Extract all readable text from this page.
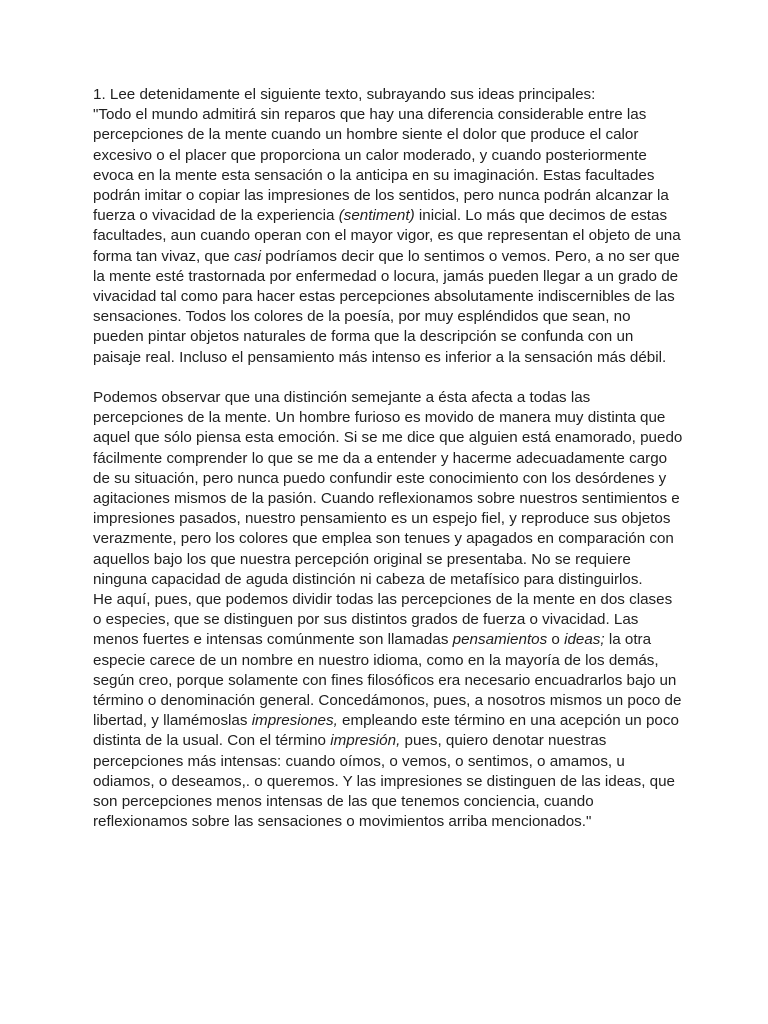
1. Lee detenidamente el siguiente texto, subrayando sus ideas principales:

"Todo el mundo admitirá sin reparos que hay una diferencia considerable entre las percepciones de la mente cuando un hombre siente el dolor que produce el calor excesivo o el placer que proporciona un calor moderado, y cuando posteriormente evoca en la mente esta sensación o la anticipa en su imaginación. Estas facultades podrán imitar o copiar las impresiones de los sentidos, pero nunca podrán alcanzar la fuerza o vivacidad de la experiencia (sentiment) inicial. Lo más que decimos de estas facultades, aun cuando operan con el mayor vigor, es que representan el objeto de una forma tan vivaz, que casi podríamos decir que lo sentimos o vemos. Pero, a no ser que la mente esté trastornada por enfermedad o locura, jamás pueden llegar a un grado de vivacidad tal como para hacer estas percepciones absolutamente indiscernibles de las sensaciones. Todos los colores de la poesía, por muy espléndidos que sean, no pueden pintar objetos naturales de forma que la descripción se confunda con un paisaje real. Incluso el pensamiento más intenso es inferior a la sensación más débil.

Podemos observar que una distinción semejante a ésta afecta a todas las percepciones de la mente. Un hombre furioso es movido de manera muy distinta que aquel que sólo piensa esta emoción. Si se me dice que alguien está enamorado, puedo fácilmente comprender lo que se me da a entender y hacerme adecuadamente cargo de su situación, pero nunca puedo confundir este conocimiento con los desórdenes y agitaciones mismos de la pasión. Cuando reflexionamos sobre nuestros sentimientos e impresiones pasados, nuestro pensamiento es un espejo fiel, y reproduce sus objetos verazmente, pero los colores que emplea son tenues y apagados en comparación con aquellos bajo los que nuestra percepción original se presentaba. No se requiere ninguna capacidad de aguda distinción ni cabeza de metafísico para distinguirlos.

He aquí, pues, que podemos dividir todas las percepciones de la mente en dos clases o especies, que se distinguen por sus distintos grados de fuerza o vivacidad. Las menos fuertes e intensas comúnmente son llamadas pensamientos o ideas; la otra especie carece de un nombre en nuestro idioma, como en la mayoría de los demás, según creo, porque solamente con fines filosóficos era necesario encuadrarlos bajo un término o denominación general. Concedámonos, pues, a nosotros mismos un poco de libertad, y llamémoslas impresiones, empleando este término en una acepción un poco distinta de la usual. Con el término impresión, pues, quiero denotar nuestras percepciones más intensas: cuando oímos, o vemos, o sentimos, o amamos, u odiamos, o deseamos,. o queremos. Y las impresiones se distinguen de las ideas, que son percepciones menos intensas de las que tenemos conciencia, cuando reflexionamos sobre las sensaciones o movimientos arriba mencionados."
